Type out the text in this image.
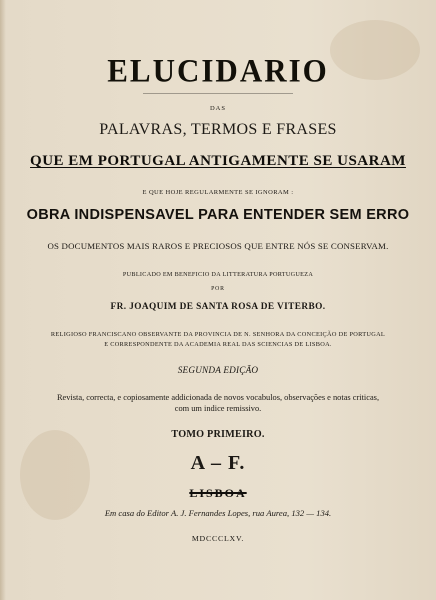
ELUCIDARIO
DAS
PALAVRAS, TERMOS E FRASES
QUE EM PORTUGAL ANTIGAMENTE SE USARAM
E QUE HOJE REGULARMENTE SE IGNORAM :
OBRA INDISPENSAVEL PARA ENTENDER SEM ERRO
OS DOCUMENTOS MAIS RAROS E PRECIOSOS QUE ENTRE NÓS SE CONSERVAM.
PUBLICADO EM BENEFICIO DA LITTERATURA PORTUGUEZA
POR
FR. JOAQUIM DE SANTA ROSA DE VITERBO.
RELIGIOSO FRANCISCANO OBSERVANTE DA PROVINCIA DE N. SENHORA DA CONCEIÇÃO DE PORTUGAL
E CORRESPONDENTE DA ACADEMIA REAL DAS SCIENCIAS DE LISBOA.
SEGUNDA EDIÇÃO
Revista, correcta, e copiosamente addicionada de novos vocabulos, observações e notas criticas,
com um indice remissivo.
TOMO PRIMEIRO.
A – F.
LISBOA
Em casa do Editor A. J. Fernandes Lopes, rua Aurea, 132 — 134.
MDCCCLXV.
